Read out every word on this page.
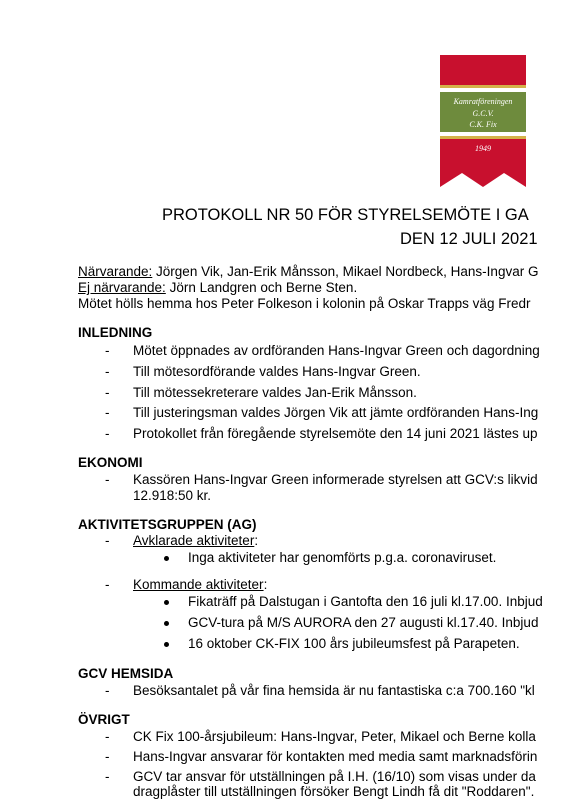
Kamratföreningen
G.C.V.
C.K. Fix
1949
PROTOKOLL NR 50 FÖR STYRELSEMÖTE I GA
DEN 12 JULI 2021
Närvarande: Jörgen Vik, Jan-Erik Månsson, Mikael Nordbeck, Hans-Ingvar G
Ej närvarande: Jörn Landgren och Berne Sten.
Mötet hölls hemma hos Peter Folkeson i kolonin på Oskar Trapps väg Fredr
INLEDNING
- Mötet öppnades av ordföranden Hans-Ingvar Green och dagordning
- Till mötesordförande valdes Hans-Ingvar Green.
- Till mötessekreterare valdes Jan-Erik Månsson.
- Till justeringsman valdes Jörgen Vik att jämte ordföranden Hans-Ing
- Protokollet från föregående styrelsemöte den 14 juni 2021 lästes up
EKONOMI
- Kassören Hans-Ingvar Green informerade styrelsen att GCV:s likvid
12.918:50 kr.
AKTIVITETSGRUPPEN (AG)
- Avklarade aktiviteter:
Inga aktiviteter har genomförts p.g.a. coronaviruset.
- Kommande aktiviteter:
Fikaträff på Dalstugan i Gantofta den 16 juli kl.17.00. Inbjud
GCV-tura på M/S AURORA den 27 augusti kl.17.40. Inbjud
16 oktober CK-FIX 100 års jubileumsfest på Parapeten.
GCV HEMSIDA
- Besöksantalet på vår fina hemsida är nu fantastiska c:a 700.160 "kl
ÖVRIGT
- CK Fix 100-årsjubileum: Hans-Ingvar, Peter, Mikael och Berne kolla
- Hans-Ingvar ansvarar för kontakten med media samt marknadsförin
- GCV tar ansvar för utställningen på I.H. (16/10) som visas under da
dragplåster till utställningen försöker Bengt Lindh få dit "Roddaren".
